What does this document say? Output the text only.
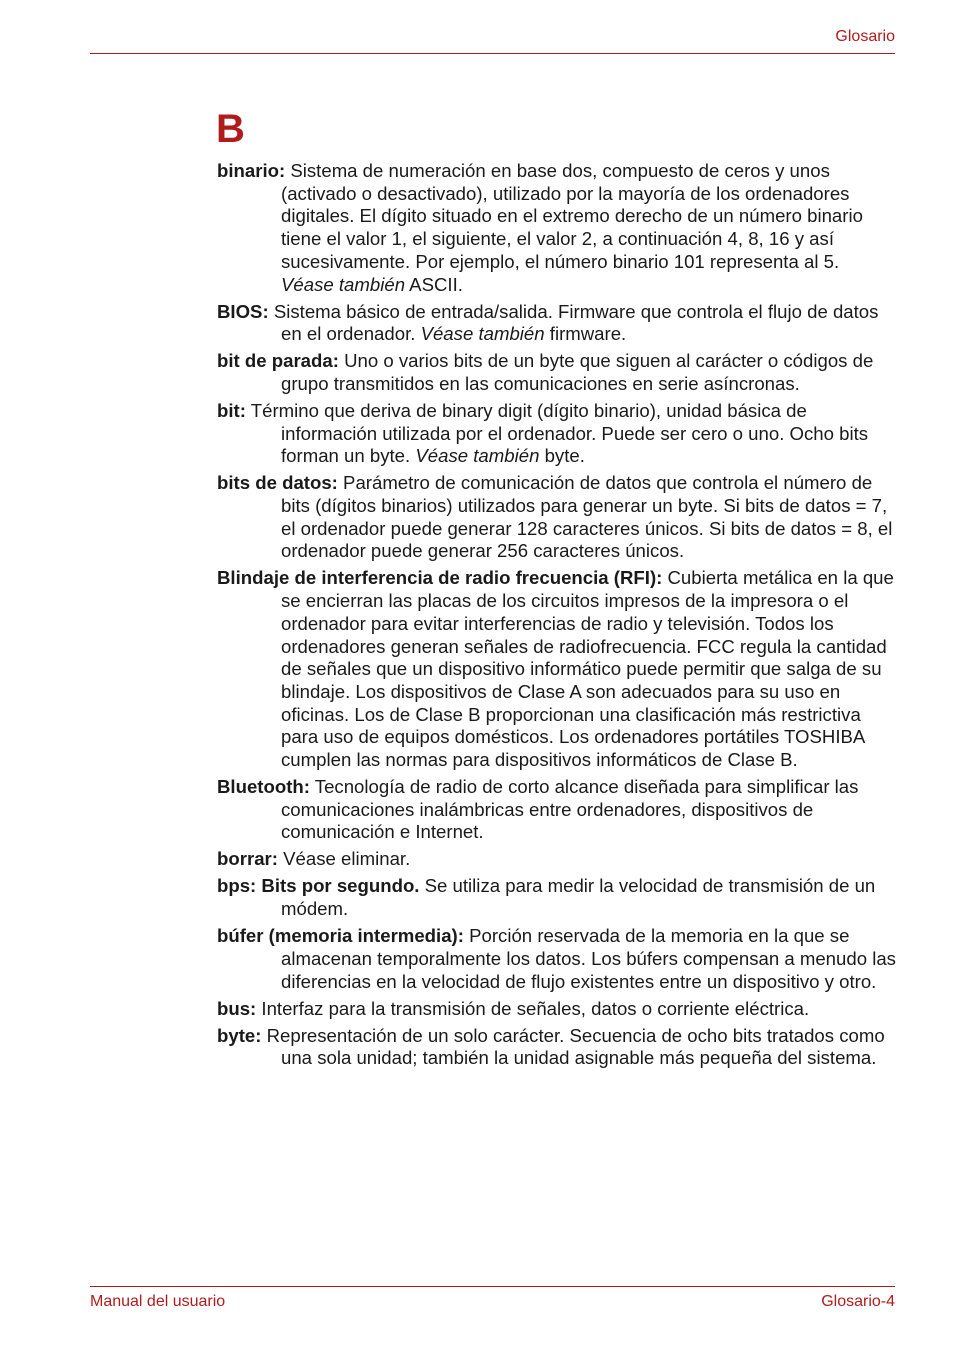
Glosario
B

binario: Sistema de numeración en base dos, compuesto de ceros y unos (activado o desactivado), utilizado por la mayoría de los ordenadores digitales. El dígito situado en el extremo derecho de un número binario tiene el valor 1, el siguiente, el valor 2, a continuación 4, 8, 16 y así sucesivamente. Por ejemplo, el número binario 101 representa al 5. Véase también ASCII.

BIOS: Sistema básico de entrada/salida. Firmware que controla el flujo de datos en el ordenador. Véase también firmware.

bit de parada: Uno o varios bits de un byte que siguen al carácter o códigos de grupo transmitidos en las comunicaciones en serie asíncronas.

bit: Término que deriva de binary digit (dígito binario), unidad básica de información utilizada por el ordenador. Puede ser cero o uno. Ocho bits forman un byte. Véase también byte.

bits de datos: Parámetro de comunicación de datos que controla el número de bits (dígitos binarios) utilizados para generar un byte. Si bits de datos = 7, el ordenador puede generar 128 caracteres únicos. Si bits de datos = 8, el ordenador puede generar 256 caracteres únicos.

Blindaje de interferencia de radio frecuencia (RFI): Cubierta metálica en la que se encierran las placas de los circuitos impresos de la impresora o el ordenador para evitar interferencias de radio y televisión. Todos los ordenadores generan señales de radiofrecuencia. FCC regula la cantidad de señales que un dispositivo informático puede permitir que salga de su blindaje. Los dispositivos de Clase A son adecuados para su uso en oficinas. Los de Clase B proporcionan una clasificación más restrictiva para uso de equipos domésticos. Los ordenadores portátiles TOSHIBA cumplen las normas para dispositivos informáticos de Clase B.

Bluetooth: Tecnología de radio de corto alcance diseñada para simplificar las comunicaciones inalámbricas entre ordenadores, dispositivos de comunicación e Internet.

borrar: Véase eliminar.

bps: Bits por segundo. Se utiliza para medir la velocidad de transmisión de un módem.

búfer (memoria intermedia): Porción reservada de la memoria en la que se almacenan temporalmente los datos. Los búfers compensan a menudo las diferencias en la velocidad de flujo existentes entre un dispositivo y otro.

bus: Interfaz para la transmisión de señales, datos o corriente eléctrica.

byte: Representación de un solo carácter. Secuencia de ocho bits tratados como una sola unidad; también la unidad asignable más pequeña del sistema.

Manual del usuario	Glosario-4
